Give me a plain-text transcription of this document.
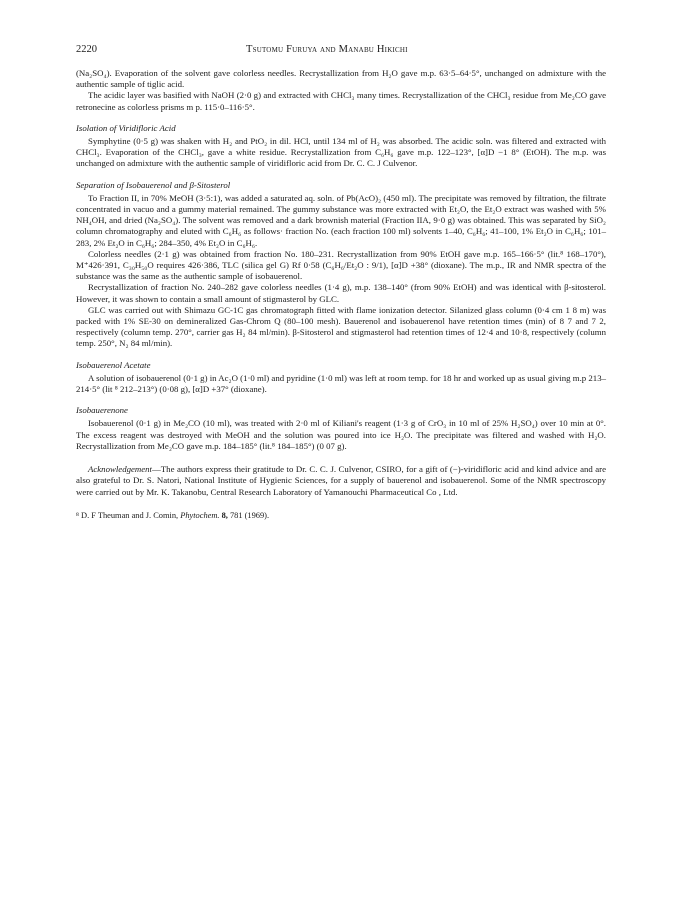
2220	Tsutomu Furuya and Manabu Hikichi

(Na₂SO₄). Evaporation of the solvent gave colorless needles. Recrystallization from H₂O gave m.p. 63·5–64·5°, unchanged on admixture with the authentic sample of tiglic acid.

The acidic layer was basified with NaOH (2·0 g) and extracted with CHCl₃ many times. Recrystallization of the CHCl₃ residue from Me₂CO gave retronecine as colorless prisms m p. 115·0–116·5°.

Isolation of Viridifloric Acid

Symphytine (0·5 g) was shaken with H₂ and PtO₂ in dil. HCl, until 134 ml of H₂ was absorbed. The acidic soln. was filtered and extracted with CHCl₃. Evaporation of the CHCl₃, gave a white residue. Recrystallization from C₆H₆ gave m.p. 122–123°, [α]D −1 8° (EtOH). The m.p. was unchanged on admixture with the authentic sample of viridifloric acid from Dr. C. C. J Culvenor.

Separation of Isobauerenol and β-Sitosterol

To Fraction II, in 70% MeOH (3·5:1), was added a saturated aq. soln. of Pb(AcO)₂ (450 ml). The precipitate was removed by filtration, the filtrate concentrated in vacuo and a gummy material remained. The gummy substance was more extracted with Et₂O, the Et₂O extract was washed with 5% NH₄OH, and dried (Na₂SO₄). The solvent was removed and a dark brownish material (Fraction IIA, 9·0 g) was obtained. This was separated by SiO₂ column chromatography and eluted with C₆H₆ as follows· fraction No. (each fraction 100 ml) solvents 1–40, C₆H₆; 41–100, 1% Et₂O in C₆H₆; 101–283, 2% Et₂O in C₆H₆; 284–350, 4% Et₂O in C₆H₆.

Colorless needles (2·1 g) was obtained from fraction No. 180–231. Recrystallization from 90% EtOH gave m.p. 165–166·5° (lit.⁸ 168–170°), M⁺426·391, C₃₀H₅₀O requires 426·386, TLC (silica gel G) Rf 0·58 (C₆H₆/Et₂O : 9/1), [α]D +38° (dioxane). The m.p., IR and NMR spectra of the substance was the same as the authentic sample of isobauerenol.

Recrystallization of fraction No. 240–282 gave colorless needles (1·4 g), m.p. 138–140° (from 90% EtOH) and was identical with β-sitosterol. However, it was shown to contain a small amount of stigmasterol by GLC.

GLC was carried out with Shimazu GC-1C gas chromatograph fitted with flame ionization detector. Silanized glass column (0·4 cm 1 8 m) was packed with 1% SE-30 on demineralized Gas-Chrom Q (80–100 mesh). Bauerenol and isobauerenol have retention times (min) of 8 7 and 7 2, respectively (column temp. 270°, carrier gas H₂ 84 ml/min). β-Sitosterol and stigmasterol had retention times of 12·4 and 10·8, respectively (column temp. 250°, N₂ 84 ml/min).

Isobauerenol Acetate

A solution of isobauerenol (0·1 g) in Ac₂O (1·0 ml) and pyridine (1·0 ml) was left at room temp. for 18 hr and worked up as usual giving m.p 213–214·5° (lit ⁸ 212–213°) (0·08 g), [α]D +37° (dioxane).

Isobauerenone

Isobauerenol (0·1 g) in Me₂CO (10 ml), was treated with 2·0 ml of Kiliani's reagent (1·3 g of CrO₃ in 10 ml of 25% H₂SO₄) over 10 min at 0°. The excess reagent was destroyed with MeOH and the solution was poured into ice H₂O. The precipitate was filtered and washed with H₂O. Recrystallization from Me₂CO gave m.p. 184–185° (lit.⁸ 184–185°) (0 07 g).

Acknowledgement—The authors express their gratitude to Dr. C. C. J. Culvenor, CSIRO, for a gift of (−)-viridifloric acid and kind advice and are also grateful to Dr. S. Natori, National Institute of Hygienic Sciences, for a supply of bauerenol and isobauerenol. Some of the NMR spectroscopy were carried out by Mr. K. Takanobu, Central Research Laboratory of Yamanouchi Pharmaceutical Co , Ltd.

⁸ D. F Theuman and J. Comin, Phytochem. 8, 781 (1969).
